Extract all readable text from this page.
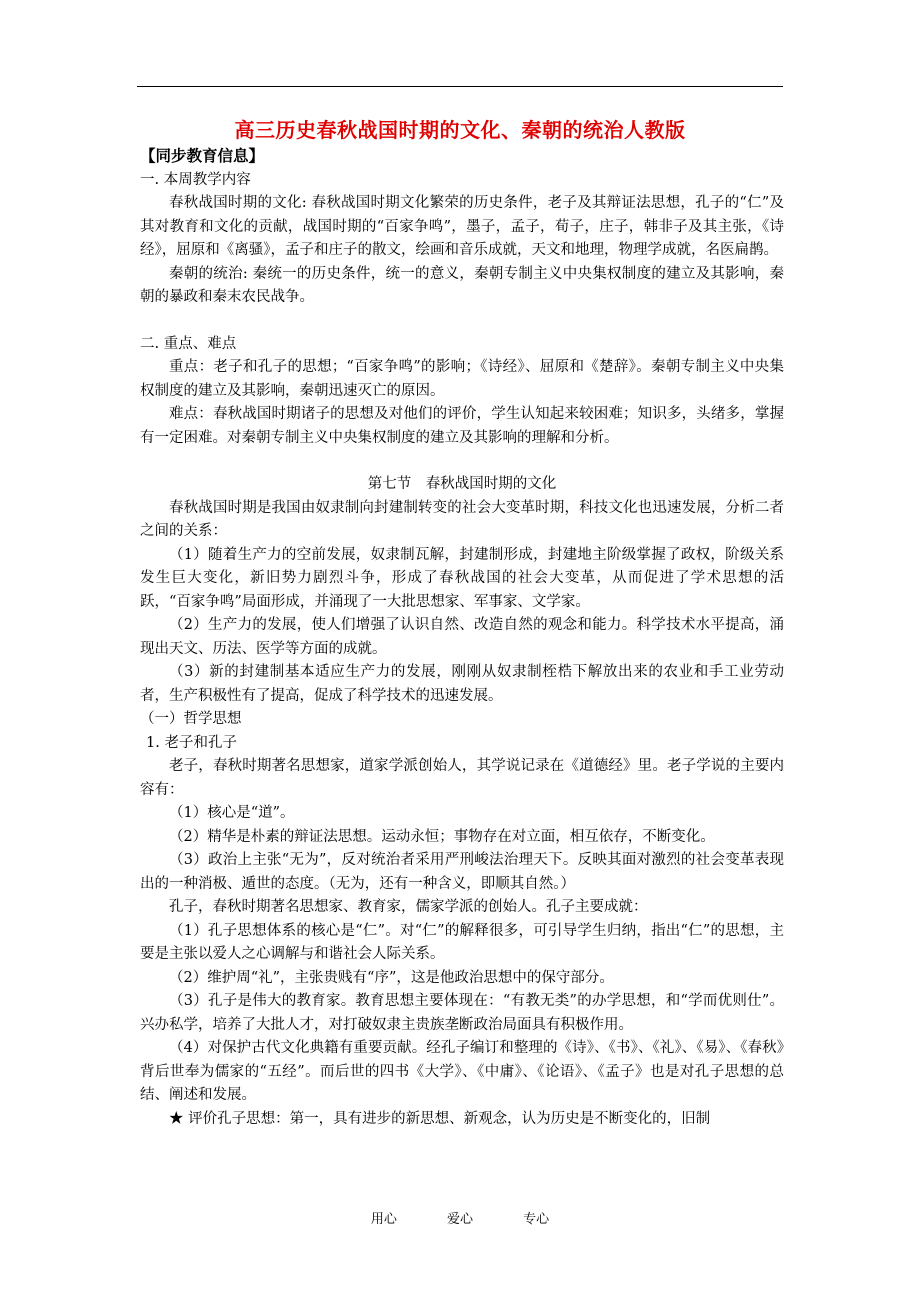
高三历史春秋战国时期的文化、秦朝的统治人教版

【同步教育信息】

一. 本周教学内容

春秋战国时期的文化: 春秋战国时期文化繁荣的历史条件，老子及其辩证法思想，孔子的“仁”及其对教育和文化的贡献，战国时期的“百家争鸣”，墨子，孟子，荀子，庄子，韩非子及其主张，《诗经》，屈原和《离骚》，孟子和庄子的散文，绘画和音乐成就，天文和地理，物理学成就，名医扁鹊。

秦朝的统治: 秦统一的历史条件，统一的意义，秦朝专制主义中央集权制度的建立及其影响，秦朝的暴政和秦末农民战争。

二. 重点、难点

重点：老子和孔子的思想；“百家争鸣”的影响；《诗经》、屈原和《楚辞》。秦朝专制主义中央集权制度的建立及其影响，秦朝迅速灭亡的原因。

难点：春秋战国时期诸子的思想及对他们的评价，学生认知起来较困难；知识多，头绪多，掌握有一定困难。对秦朝专制主义中央集权制度的建立及其影响的理解和分析。

第七节　春秋战国时期的文化

春秋战国时期是我国由奴隶制向封建制转变的社会大变革时期，科技文化也迅速发展，分析二者之间的关系：

（1）随着生产力的空前发展，奴隶制瓦解，封建制形成，封建地主阶级掌握了政权，阶级关系发生巨大变化，新旧势力剧烈斗争，形成了春秋战国的社会大变革，从而促进了学术思想的活跃，“百家争鸣”局面形成，并涌现了一大批思想家、军事家、文学家。

（2）生产力的发展，使人们增强了认识自然、改造自然的观念和能力。科学技术水平提高，涌现出天文、历法、医学等方面的成就。

（3）新的封建制基本适应生产力的发展，刚刚从奴隶制桎梏下解放出来的农业和手工业劳动者，生产积极性有了提高，促成了科学技术的迅速发展。

（一）哲学思想

1. 老子和孔子

老子，春秋时期著名思想家，道家学派创始人，其学说记录在《道德经》里。老子学说的主要内容有：

（1）核心是“道”。

（2）精华是朴素的辩证法思想。运动永恒；事物存在对立面，相互依存，不断变化。

（3）政治上主张“无为”，反对统治者采用严刑峻法治理天下。反映其面对激烈的社会变革表现出的一种消极、遁世的态度。（无为，还有一种含义，即顺其自然。）

孔子，春秋时期著名思想家、教育家，儒家学派的创始人。孔子主要成就：

（1）孔子思想体系的核心是“仁”。对“仁”的解释很多，可引导学生归纳，指出“仁”的思想，主要是主张以爱人之心调解与和谐社会人际关系。

（2）维护周“礼”，主张贵贱有“序”，这是他政治思想中的保守部分。

（3）孔子是伟大的教育家。教育思想主要体现在：“有教无类”的办学思想，和“学而优则仕”。兴办私学，培养了大批人才，对打破奴隶主贵族垄断政治局面具有积极作用。

（4）对保护古代文化典籍有重要贡献。经孔子编订和整理的《诗》、《书》、《礼》、《易》、《春秋》背后世奉为儒家的“五经”。而后世的四书《大学》、《中庸》、《论语》、《孟子》也是对孔子思想的总结、阐述和发展。

★ 评价孔子思想：第一，具有进步的新思想、新观念，认为历史是不断变化的，旧制

用心	爱心	专心
